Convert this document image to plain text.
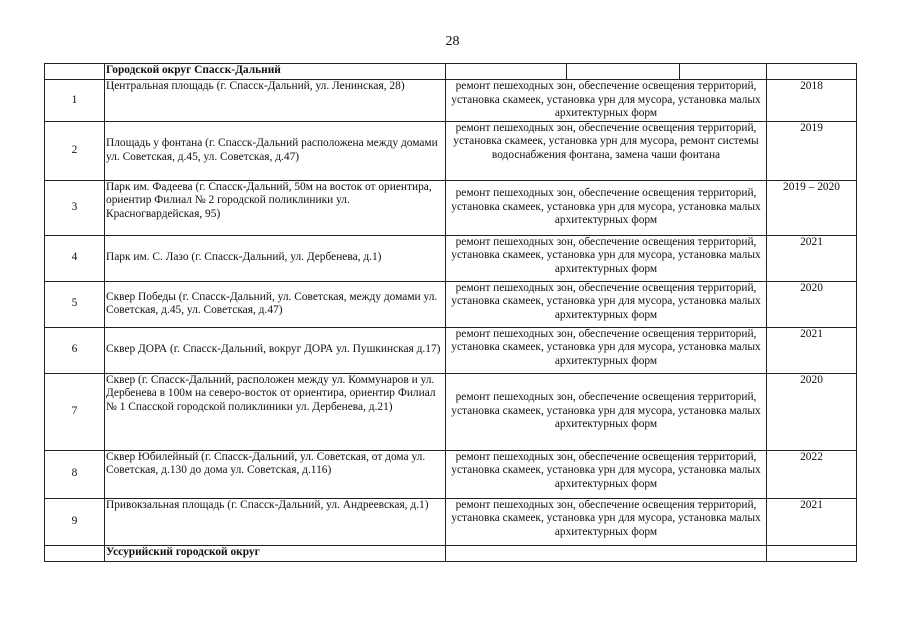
28
	Городской округ Спасск-Дальний	

1	Центральная площадь (г. Спасск-Дальний, ул. Ленинская, 28)	ремонт пешеходных зон, обеспечение освещения территорий, установка скамеек, установка урн для мусора, установка малых архитектурных форм	2018
2	Площадь у фонтана (г. Спасск-Дальний расположена между домами ул. Советская, д.45, ул. Советская, д.47)	ремонт пешеходных зон, обеспечение освещения территорий, установка скамеек, установка урн для мусора, ремонт системы водоснабжения фонтана, замена чаши фонтана	2019
3	Парк им. Фадеева (г. Спасск-Дальний, 50м на восток от ориентира, ориентир Филиал № 2 городской поликлиники ул. Красногвардейская, 95)	ремонт пешеходных зон, обеспечение освещения территорий, установка скамеек, установка урн для мусора, установка малых архитектурных форм	2019 – 2020
4	Парк им. С. Лазо (г. Спасск-Дальний, ул. Дербенева, д.1)	ремонт пешеходных зон, обеспечение освещения территорий, установка скамеек, установка урн для мусора, установка малых архитектурных форм	2021
5	Сквер Победы (г. Спасск-Дальний, ул. Советская, между домами ул. Советская, д.45, ул. Советская, д.47)	ремонт пешеходных зон, обеспечение освещения территорий, установка скамеек, установка урн для мусора, установка малых архитектурных форм	2020
6	Сквер ДОРА (г. Спасск-Дальний, вокруг ДОРА ул. Пушкинская д.17)	ремонт пешеходных зон, обеспечение освещения территорий, установка скамеек, установка урн для мусора, установка малых архитектурных форм	2021
7	Сквер (г. Спасск-Дальний, расположен между ул. Коммунаров и ул. Дербенева в 100м на северо-восток от ориентира, ориентир Филиал № 1 Спасской городской поликлиники ул. Дербенева, д.21)	ремонт пешеходных зон, обеспечение освещения территорий, установка скамеек, установка урн для мусора, установка малых архитектурных форм	2020
8	Сквер Юбилейный (г. Спасск-Дальний, ул. Советская, от дома ул. Советская, д.130 до дома ул. Советская, д.116)	ремонт пешеходных зон, обеспечение освещения территорий, установка скамеек, установка урн для мусора, установка малых архитектурных форм	2022
9	Привокзальная площадь (г. Спасск-Дальний, ул. Андреевская, д.1)	ремонт пешеходных зон, обеспечение освещения территорий, установка скамеек, установка урн для мусора, установка малых архитектурных форм	2021
	Уссурийский городской округ		
